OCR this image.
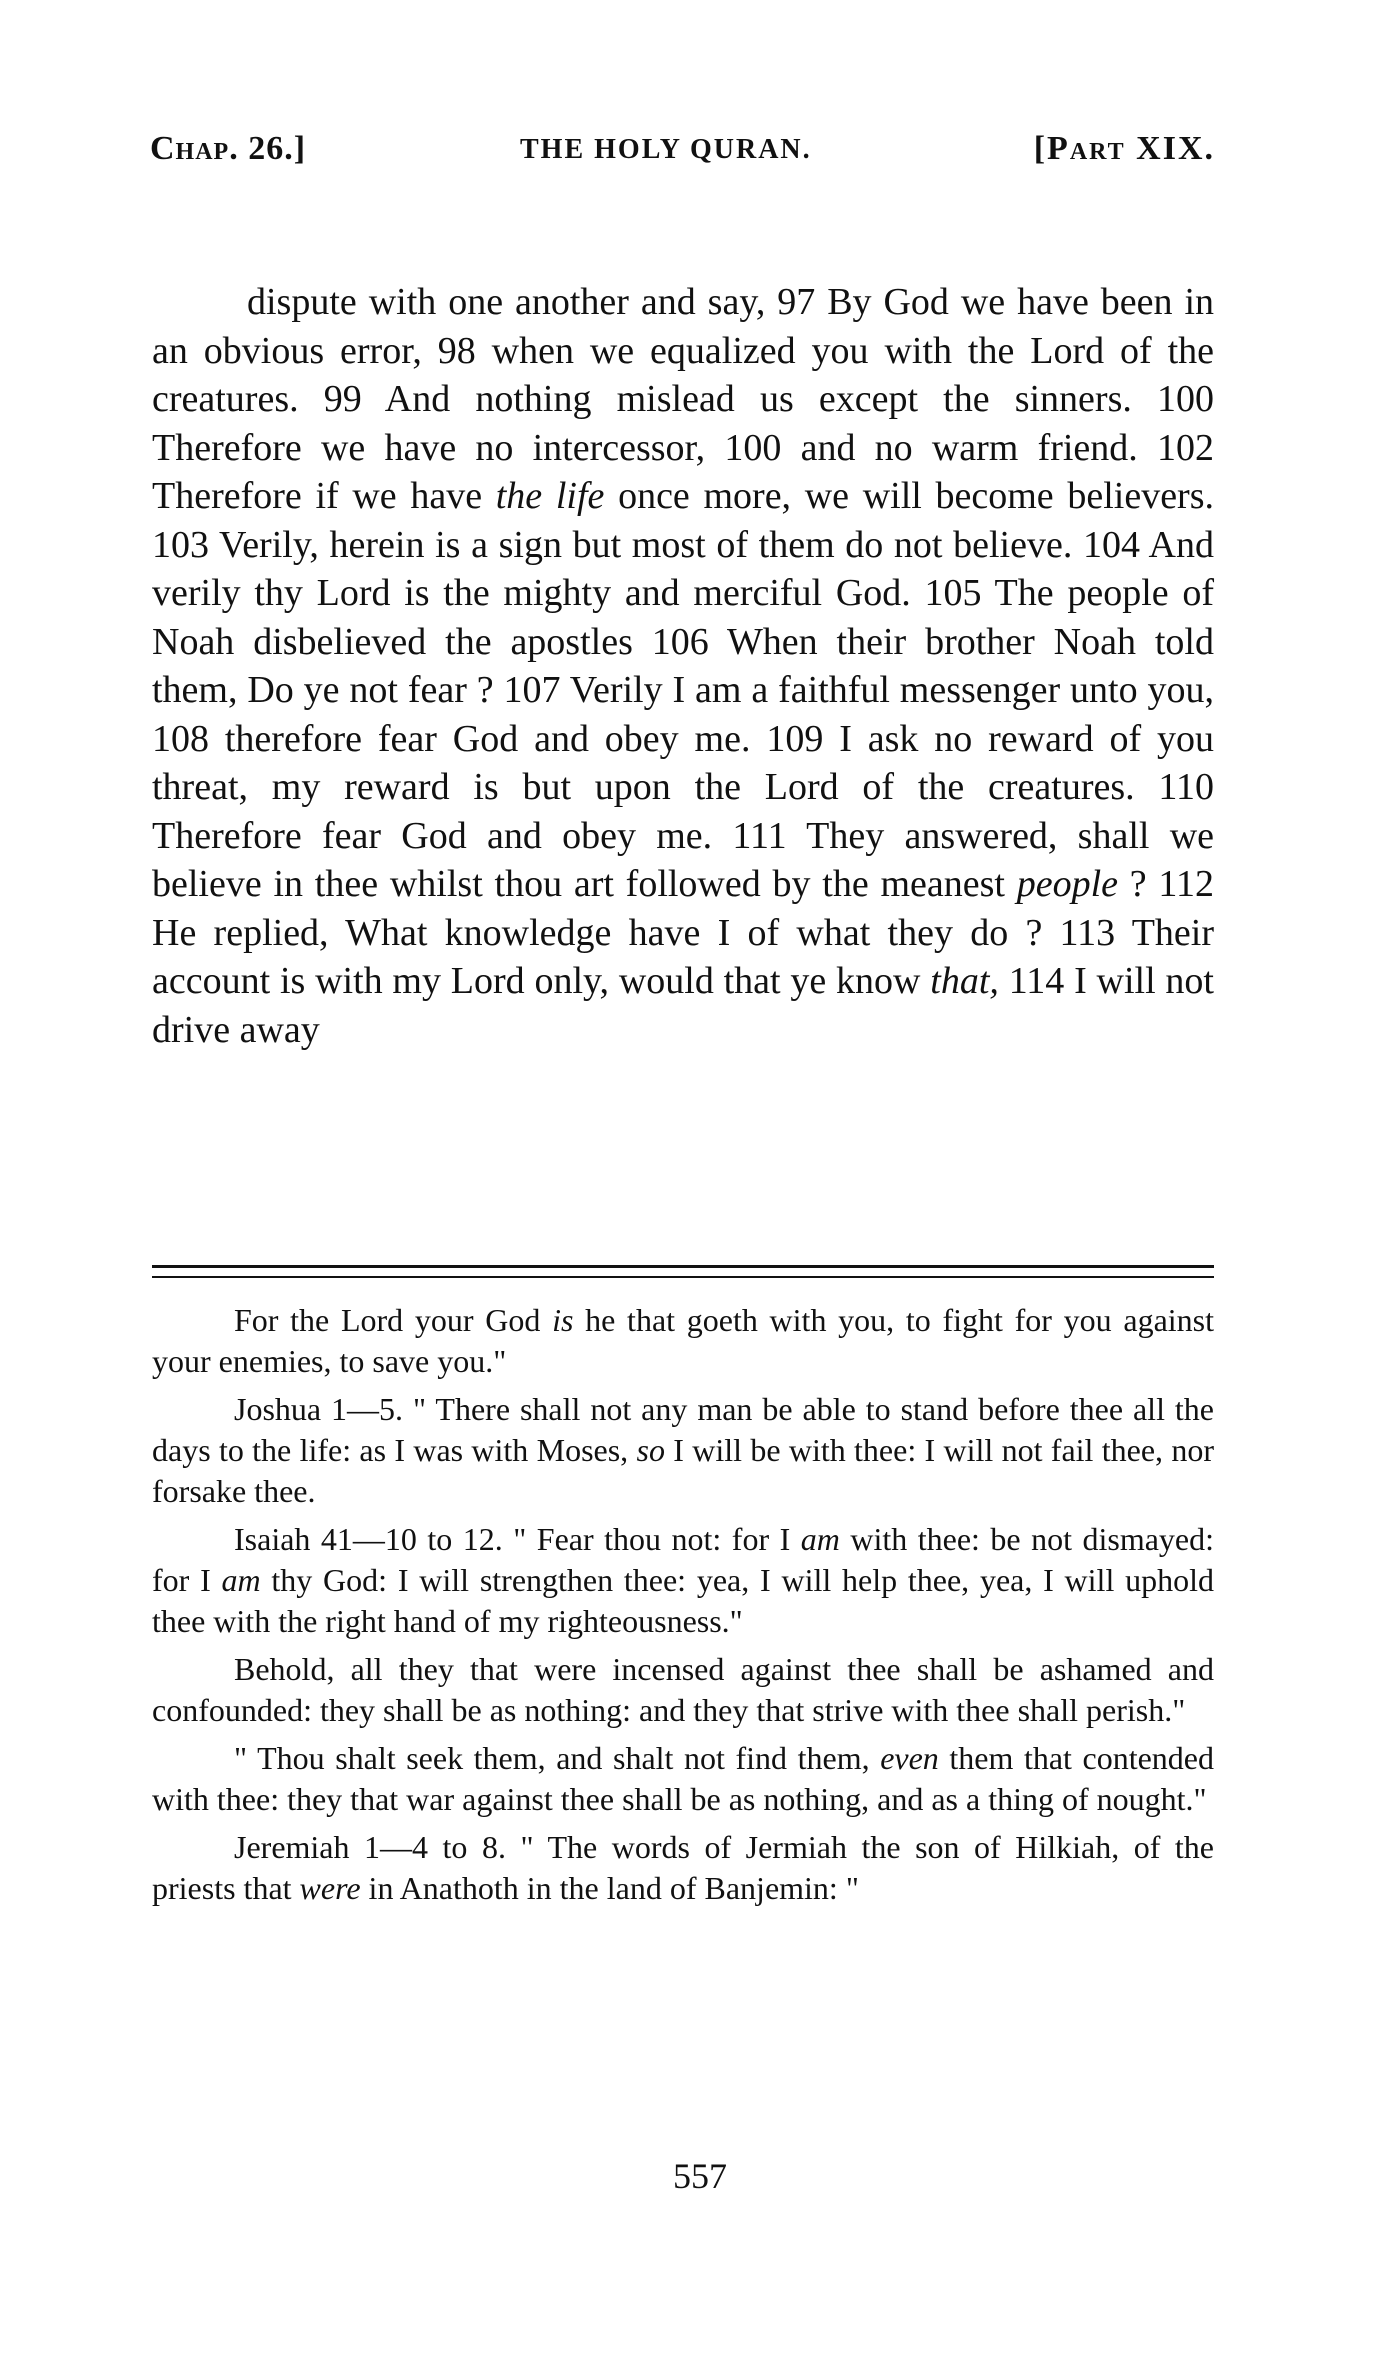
Chap. 26.]	THE HOLY QURAN.	[Part XIX.

dispute with one another and say, 97 By God we have been in an obvious error, 98 when we equalized you with the Lord of the creatures. 99 And nothing mislead us except the sinners. 100 Therefore we have no intercessor, 100 and no warm friend. 102 Therefore if we have the life once more, we will become believers. 103 Verily, herein is a sign but most of them do not believe. 104 And verily thy Lord is the mighty and merciful God. 105 The people of Noah disbelieved the apostles 106 When their brother Noah told them, Do ye not fear ? 107 Verily I am a faithful messenger unto you, 108 therefore fear God and obey me. 109 I ask no reward of you threat, my reward is but upon the Lord of the creatures. 110 Therefore fear God and obey me. 111 They answered, shall we believe in thee whilst thou art followed by the meanest people ? 112 He replied, What knowledge have I of what they do ? 113 Their account is with my Lord only, would that ye know that, 114 I will not drive away

For the Lord your God is he that goeth with you, to fight for you against your enemies, to save you."

Joshua 1—5. " There shall not any man be able to stand before thee all the days to the life: as I was with Moses, so I will be with thee: I will not fail thee, nor forsake thee.

Isaiah 41—10 to 12. " Fear thou not: for I am with thee: be not dismayed: for I am thy God: I will strengthen thee: yea, I will help thee, yea, I will uphold thee with the right hand of my righteousness."

Behold, all they that were incensed against thee shall be ashamed and confounded: they shall be as nothing: and they that strive with thee shall perish."

" Thou shalt seek them, and shalt not find them, even them that contended with thee: they that war against thee shall be as nothing, and as a thing of nought."

Jeremiah 1—4 to 8. " The words of Jermiah the son of Hilkiah, of the priests that were in Anathoth in the land of Banjemin: "

557
